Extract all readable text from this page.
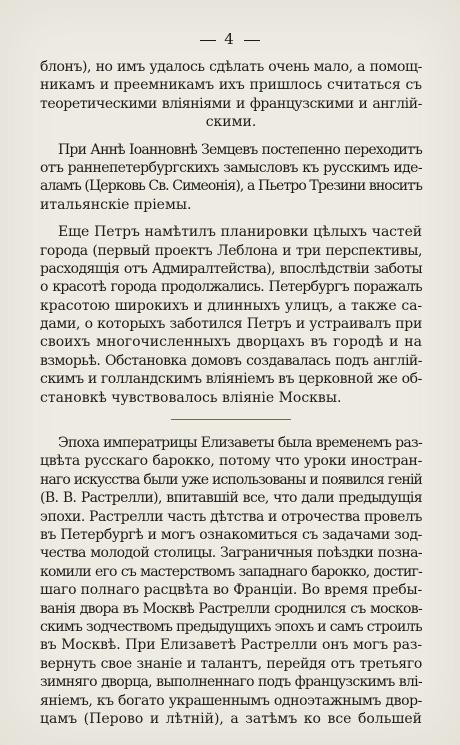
4
блонъ), но имъ удалось сдѣлать очень мало, а помощ-
никамъ и преемникамъ ихъ пришлось считаться съ
теоретическими вліяніями и французскими и англій-
скими.
При Аннѣ Іоанновнѣ Земцевъ постепенно переходитъ
отъ раннепетербургскихъ замысловъ къ русскимъ иде-
аламъ (Церковь Св. Симеонія), а Пьетро Трезини вноситъ
итальянскіе пріемы.
Еще Петръ намѣтилъ планировки цѣлыхъ частей
города (первый проектъ Леблона и три перспективы,
расходящія отъ Адмиралтейства), впослѣдствіи заботы
о красотѣ города продолжались. Петербургъ поражалъ
красотою широкихъ и длинныхъ улицъ, а также са-
дами, о которыхъ заботился Петръ и устраивалъ при
своихъ многочисленныхъ дворцахъ въ городѣ и на
взморьѣ. Обстановка домовъ создавалась подъ англій-
скимъ и голландскимъ вліяніемъ въ церковной же об-
становкѣ чувствовалось вліяніе Москвы.
Эпоха императрицы Елизаветы была временемъ раз-
цвѣта русскаго барокко, потому что уроки иностран-
наго искусства были уже использованы и появился геній
(В. В. Растрелли), впитавшій все, что дали предыдущія
эпохи. Растрелли часть дѣтства и отрочества провелъ
въ Петербургѣ и могъ ознакомиться съ задачами зод-
чества молодой столицы. Заграничныя поѣздки позна-
комили его съ мастерствомъ западнаго барокко, достиг-
шаго полнаго расцвѣта во Франціи. Во время пребы-
ванія двора въ Москвѣ Растрелли сроднился съ москов-
скимъ зодчествомъ предыдущихъ эпохъ и самъ строилъ
въ Москвѣ. При Елизаветѣ Растрелли онъ могъ раз-
вернуть свое знаніе и талантъ, перейдя отъ третьяго
зимняго дворца, выполненнаго подъ французскимъ влі-
яніемъ, къ богато украшеннымъ одноэтажнымъ двор-
цамъ (Перово и лѣтній), а затѣмъ ко все большей
